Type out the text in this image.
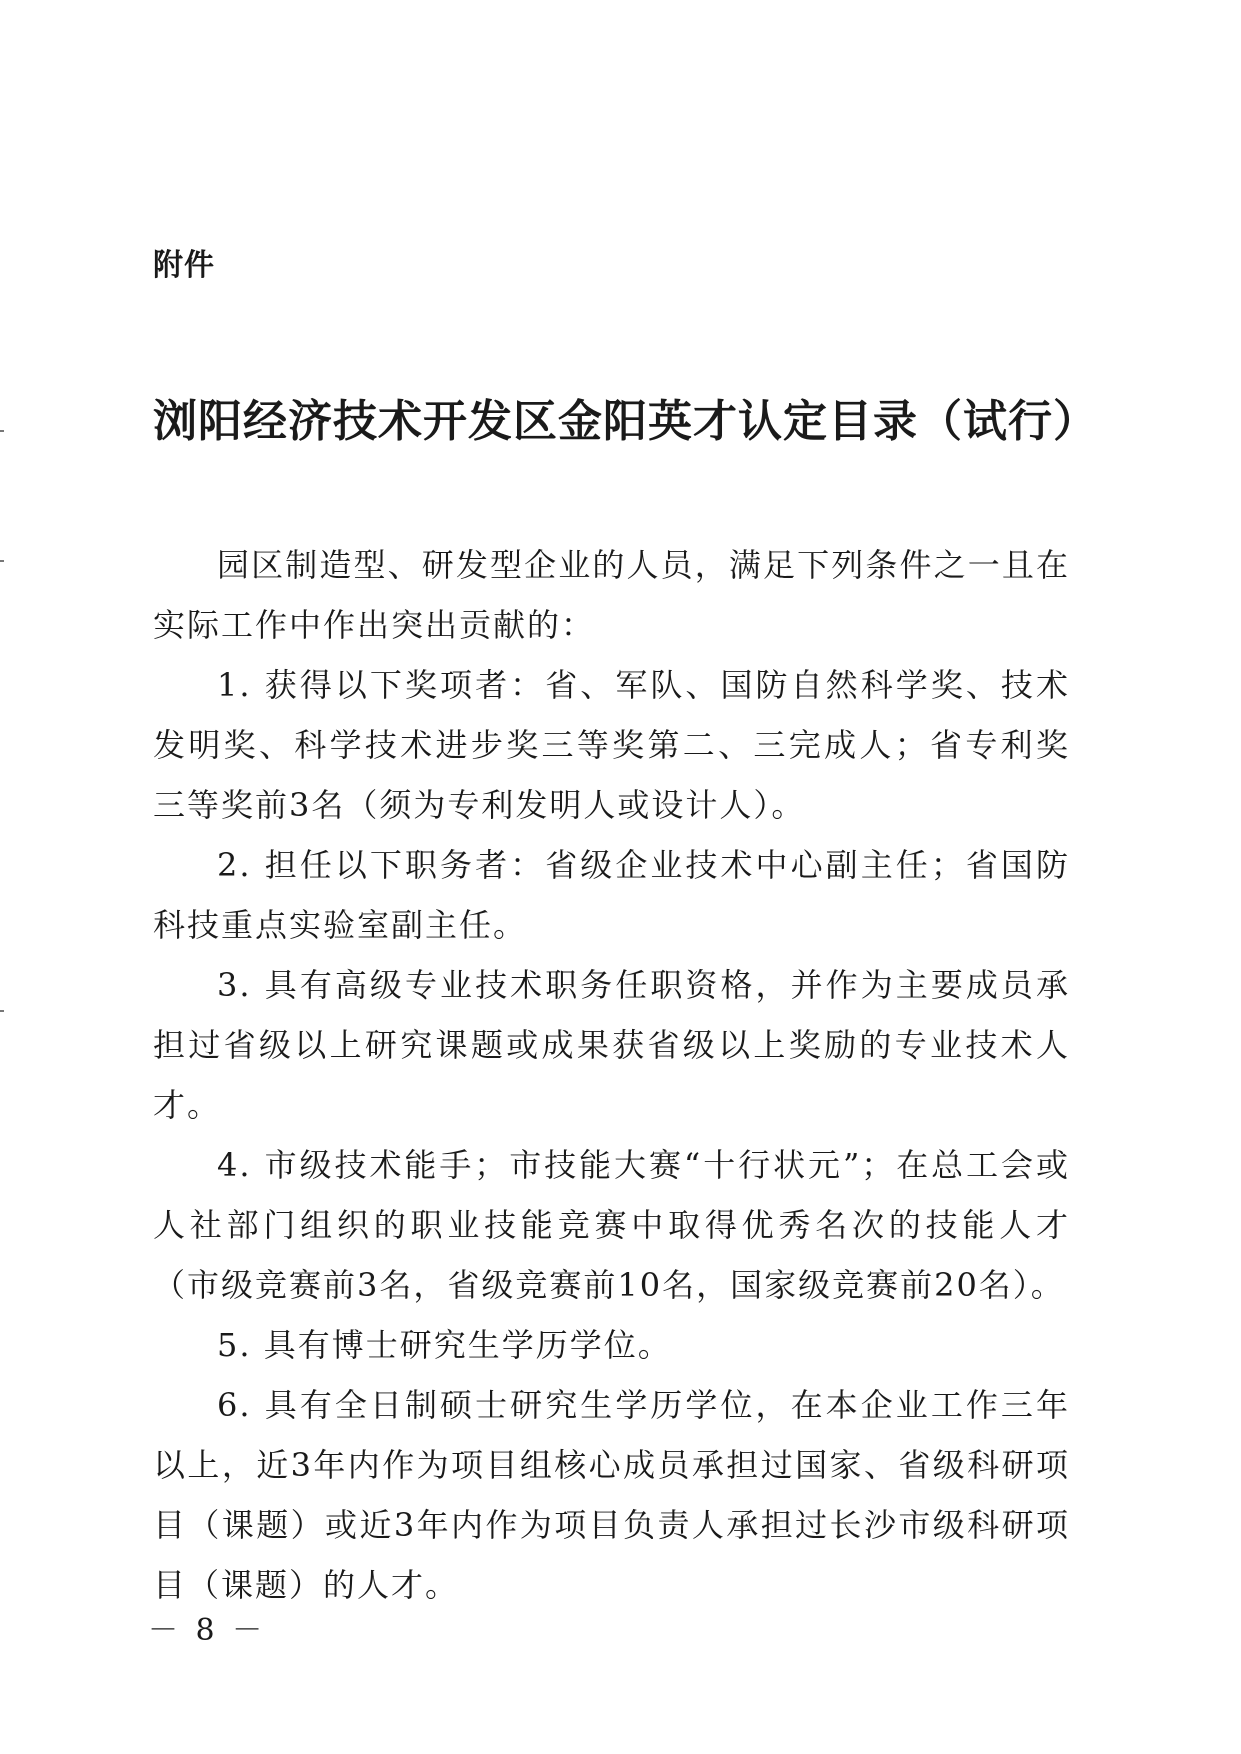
附件
浏阳经济技术开发区金阳英才认定目录（试行）

园区制造型、研发型企业的人员，满足下列条件之一且在实际工作中作出突出贡献的：

1. 获得以下奖项者：省、军队、国防自然科学奖、技术发明奖、科学技术进步奖三等奖第二、三完成人；省专利奖三等奖前3名（须为专利发明人或设计人）。

2. 担任以下职务者：省级企业技术中心副主任；省国防科技重点实验室副主任。

3. 具有高级专业技术职务任职资格，并作为主要成员承担过省级以上研究课题或成果获省级以上奖励的专业技术人才。

4. 市级技术能手；市技能大赛“十行状元”；在总工会或人社部门组织的职业技能竞赛中取得优秀名次的技能人才（市级竞赛前3名，省级竞赛前10名，国家级竞赛前20名）。

5. 具有博士研究生学历学位。

6. 具有全日制硕士研究生学历学位，在本企业工作三年以上，近3年内作为项目组核心成员承担过国家、省级科研项目（课题）或近3年内作为项目负责人承担过长沙市级科研项目（课题）的人才。

－ 8 －
